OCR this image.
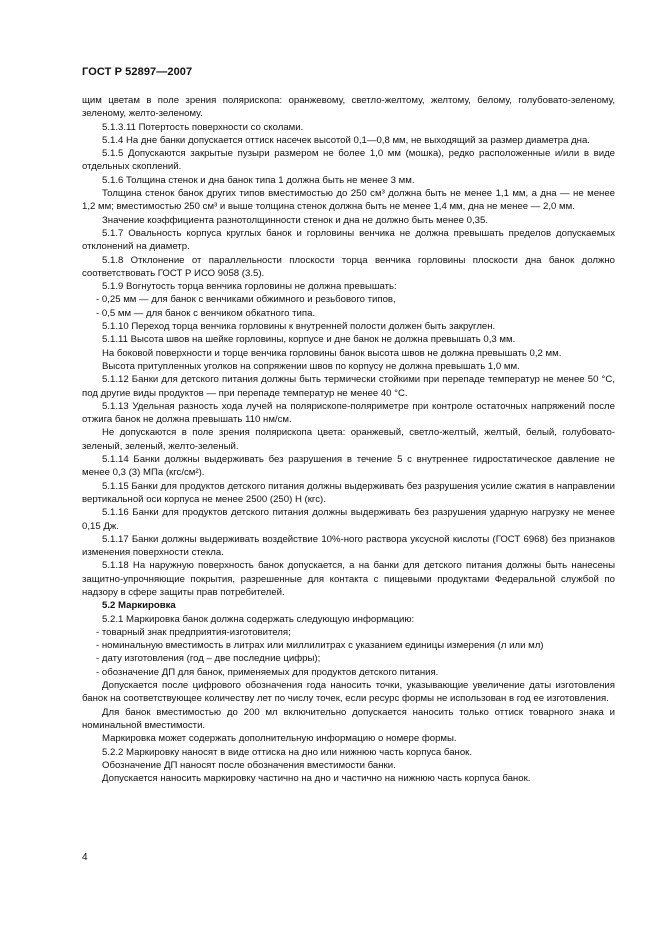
ГОСТ Р 52897—2007

щим цветам в поле зрения полярископа: оранжевому, светло-желтому, желтому, белому, голубовато-зеленому, зеленому, желто-зеленому.

5.1.3.11 Потертость поверхности со сколами.

5.1.4 На дне банки допускается оттиск насечек высотой 0,1—0,8 мм, не выходящий за размер диаметра дна.

5.1.5 Допускаются закрытые пузыри размером не более 1,0 мм (мошка), редко расположенные и/или в виде отдельных скоплений.

5.1.6 Толщина стенок и дна банок типа 1 должна быть не менее 3 мм.

Толщина стенок банок других типов вместимостью до 250 см³ должна быть не менее 1,1 мм, а дна — не менее 1,2 мм; вместимостью 250 см³ и выше толщина стенок должна быть не менее 1,4 мм, дна не менее — 2,0 мм.

Значение коэффициента разнотолщинности стенок и дна не должно быть менее 0,35.

5.1.7 Овальность корпуса круглых банок и горловины венчика не должна превышать пределов допускаемых отклонений на диаметр.

5.1.8 Отклонение от параллельности плоскости торца венчика горловины плоскости дна банок должно соответствовать ГОСТ Р ИСО 9058 (3.5).

5.1.9 Вогнутость торца венчика горловины не должна превышать:

- 0,25 мм — для банок с венчиками обжимного и резьбового типов,

- 0,5 мм — для банок с венчиком обкатного типа.

5.1.10 Переход торца венчика горловины к внутренней полости должен быть закруглен.

5.1.11 Высота швов на шейке горловины, корпусе и дне банок не должна превышать 0,3 мм.

На боковой поверхности и торце венчика горловины банок высота швов не должна превышать 0,2 мм.

Высота притупленных уголков на сопряжении швов по корпусу не должна превышать 1,0 мм.

5.1.12 Банки для детского питания должны быть термически стойкими при перепаде температур не менее 50 °С, под другие виды продуктов — при перепаде температур не менее 40 °С.

5.1.13 Удельная разность хода лучей на полярископе-поляриметре при контроле остаточных напряжений после отжига банок не должна превышать 110 нм/см.

Не допускаются в поле зрения полярископа цвета: оранжевый, светло-желтый, желтый, белый, голубовато-зеленый, зеленый, желто-зеленый.

5.1.14 Банки должны выдерживать без разрушения в течение 5 с внутреннее гидростатическое давление не менее 0,3 (3) МПа (кгс/см²).

5.1.15 Банки для продуктов детского питания должны выдерживать без разрушения усилие сжатия в направлении вертикальной оси корпуса не менее 2500 (250) Н (кгс).

5.1.16 Банки для продуктов детского питания должны выдерживать без разрушения ударную нагрузку не менее 0,15 Дж.

5.1.17 Банки должны выдерживать воздействие 10%-ного раствора уксусной кислоты (ГОСТ 6968) без признаков изменения поверхности стекла.

5.1.18 На наружную поверхность банок допускается, а на банки для детского питания должны быть нанесены защитно-упрочняющие покрытия, разрешенные для контакта с пищевыми продуктами Федеральной службой по надзору в сфере защиты прав потребителей.

5.2 Маркировка

5.2.1 Маркировка банок должна содержать следующую информацию:

- товарный знак предприятия-изготовителя;

- номинальную вместимость в литрах или миллилитрах с указанием единицы измерения (л или мл)

- дату изготовления (год – две последние цифры);

- обозначение ДП для банок, применяемых для продуктов детского питания.

Допускается после цифрового обозначения года наносить точки, указывающие увеличение даты изготовления банок на соответствующее количеству лет по числу точек, если ресурс формы не использован в год ее изготовления.

Для банок вместимостью до 200 мл включительно допускается наносить только оттиск товарного знака и номинальной вместимости.

Маркировка может содержать дополнительную информацию о номере формы.

5.2.2 Маркировку наносят в виде оттиска на дно или нижнюю часть корпуса банок.

Обозначение ДП наносят после обозначения вместимости банки.

Допускается наносить маркировку частично на дно и частично на нижнюю часть корпуса банок.

4
